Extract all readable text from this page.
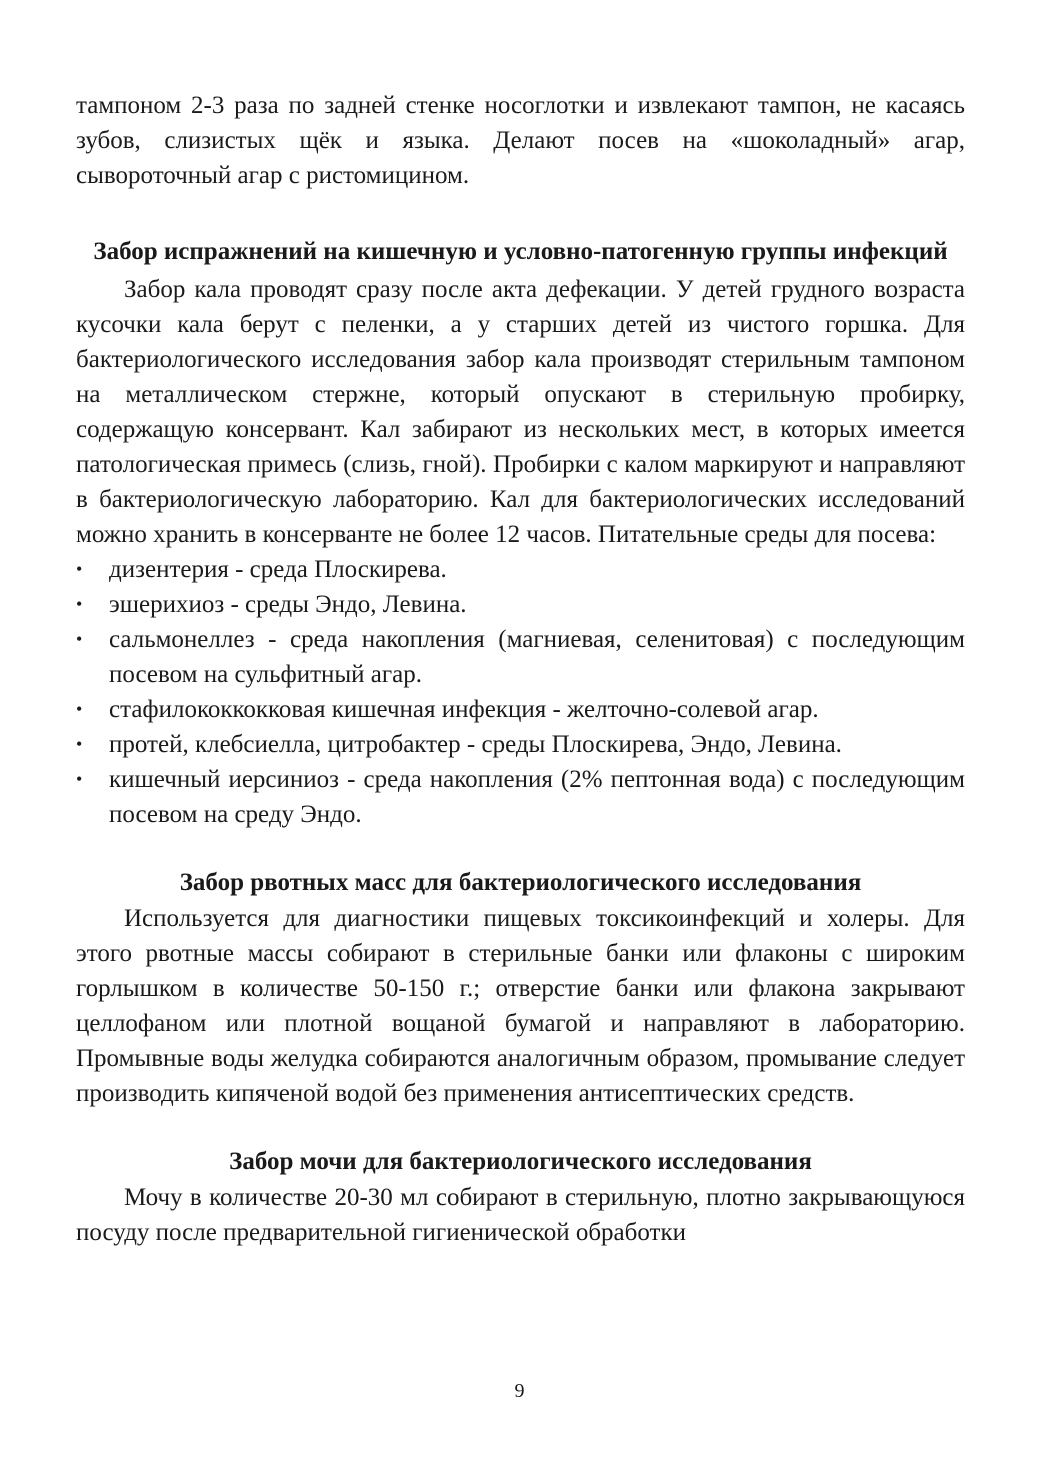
тампоном 2-3 раза по задней стенке носоглотки и извлекают тампон, не касаясь зубов, слизистых щёк и языка. Делают посев на «шоколадный» агар, сывороточный агар с ристомицином.

Забор испражнений на кишечную и условно-патогенную группы инфекций

Забор кала проводят сразу после акта дефекации. У детей грудного возраста кусочки кала берут с пеленки, а у старших детей из чистого горшка. Для бактериологического исследования забор кала производят стерильным тампоном на металлическом стержне, который опускают в стерильную пробирку, содержащую консервант. Кал забирают из нескольких мест, в которых имеется патологическая примесь (слизь, гной). Пробирки с калом маркируют и направляют в бактериологическую лабораторию. Кал для бактериологических исследований можно хранить в консерванте не более 12 часов. Питательные среды для посева:

• дизентерия - среда Плоскирева.
• эшерихиоз - среды Эндо, Левина.
• сальмонеллез - среда накопления (магниевая, селенитовая) с последующим посевом на сульфитный агар.
• стафилококкокковая кишечная инфекция - желточно-солевой агар.
• протей, клебсиелла, цитробактер - среды Плоскирева, Эндо, Левина.
• кишечный иерсиниоз - среда накопления (2% пептонная вода) с последующим посевом на среду Эндо.
Забор рвотных масс для бактериологического исследования

Используется для диагностики пищевых токсикоинфекций и холеры. Для этого рвотные массы собирают в стерильные банки или флаконы с широким горлышком в количестве 50-150 г.; отверстие банки или флакона закрывают целлофаном или плотной вощаной бумагой и направляют в лабораторию. Промывные воды желудка собираются аналогичным образом, промывание следует производить кипяченой водой без применения антисептических средств.

Забор мочи для бактериологического исследования

Мочу в количестве 20-30 мл собирают в стерильную, плотно закрывающуюся посуду после предварительной гигиенической обработки

9
